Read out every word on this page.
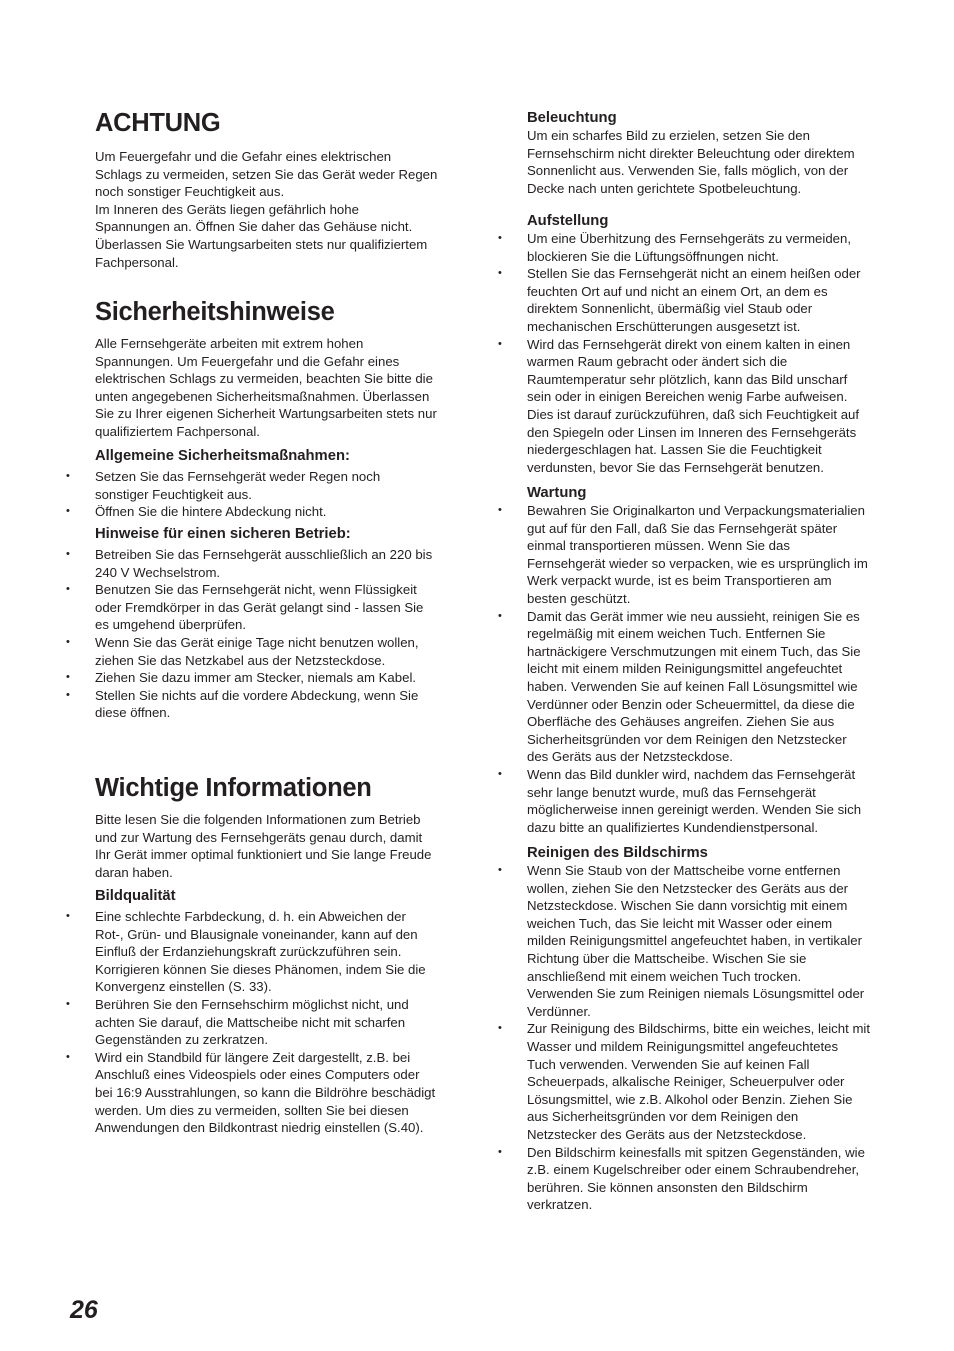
ACHTUNG

Um Feuergefahr und die Gefahr eines elektrischen
Schlags zu vermeiden, setzen Sie das Gerät weder Regen
noch sonstiger Feuchtigkeit aus.
Im Inneren des Geräts liegen gefährlich hohe
Spannungen an. Öffnen Sie daher das Gehäuse nicht.
Überlassen Sie Wartungsarbeiten stets nur qualifiziertem
Fachpersonal.

Sicherheitshinweise

Alle Fernsehgeräte arbeiten mit extrem hohen
Spannungen. Um Feuergefahr und die Gefahr eines
elektrischen Schlags zu vermeiden, beachten Sie bitte die
unten angegebenen Sicherheitsmaßnahmen. Überlassen
Sie zu Ihrer eigenen Sicherheit Wartungsarbeiten stets nur
qualifiziertem Fachpersonal.

Allgemeine Sicherheitsmaßnahmen:
• Setzen Sie das Fernsehgerät weder Regen noch
sonstiger Feuchtigkeit aus.
• Öffnen Sie die hintere Abdeckung nicht.
Hinweise für einen sicheren Betrieb:
• Betreiben Sie das Fernsehgerät ausschließlich an 220 bis
240 V Wechselstrom.
• Benutzen Sie das Fernsehgerät nicht, wenn Flüssigkeit
oder Fremdkörper in das Gerät gelangt sind - lassen Sie
es umgehend überprüfen.
• Wenn Sie das Gerät einige Tage nicht benutzen wollen,
ziehen Sie das Netzkabel aus der Netzsteckdose.
• Ziehen Sie dazu immer am Stecker, niemals am Kabel.
• Stellen Sie nichts auf die vordere Abdeckung, wenn Sie
diese öffnen.
Wichtige Informationen

Bitte lesen Sie die folgenden Informationen zum Betrieb
und zur Wartung des Fernsehgeräts genau durch, damit
Ihr Gerät immer optimal funktioniert und Sie lange Freude
daran haben.

Bildqualität
• Eine schlechte Farbdeckung, d. h. ein Abweichen der
Rot-, Grün- und Blausignale voneinander, kann auf den
Einfluß der Erdanziehungskraft zurückzuführen sein.
Korrigieren können Sie dieses Phänomen, indem Sie die
Konvergenz einstellen (S. 33).
• Berühren Sie den Fernsehschirm möglichst nicht, und
achten Sie darauf, die Mattscheibe nicht mit scharfen
Gegenständen zu zerkratzen.
• Wird ein Standbild für längere Zeit dargestellt, z.B. bei
Anschluß eines Videospiels oder eines Computers oder
bei 16:9 Ausstrahlungen, so kann die Bildröhre beschädigt
werden. Um dies zu vermeiden, sollten Sie bei diesen
Anwendungen den Bildkontrast niedrig einstellen (S.40).
Beleuchtung

Um ein scharfes Bild zu erzielen, setzen Sie den
Fernsehschirm nicht direkter Beleuchtung oder direktem
Sonnenlicht aus. Verwenden Sie, falls möglich, von der
Decke nach unten gerichtete Spotbeleuchtung.

Aufstellung
• Um eine Überhitzung des Fernsehgeräts zu vermeiden,
blockieren Sie die Lüftungsöffnungen nicht.
• Stellen Sie das Fernsehgerät nicht an einem heißen oder
feuchten Ort auf und nicht an einem Ort, an dem es
direktem Sonnenlicht, übermäßig viel Staub oder
mechanischen Erschütterungen ausgesetzt ist.
• Wird das Fernsehgerät direkt von einem kalten in einen
warmen Raum gebracht oder ändert sich die
Raumtemperatur sehr plötzlich, kann das Bild unscharf
sein oder in einigen Bereichen wenig Farbe aufweisen.
Dies ist darauf zurückzuführen, daß sich Feuchtigkeit auf
den Spiegeln oder Linsen im Inneren des Fernsehgeräts
niedergeschlagen hat. Lassen Sie die Feuchtigkeit
verdunsten, bevor Sie das Fernsehgerät benutzen.
Wartung
• Bewahren Sie Originalkarton und Verpackungsmaterialien
gut auf für den Fall, daß Sie das Fernsehgerät später
einmal transportieren müssen. Wenn Sie das
Fernsehgerät wieder so verpacken, wie es ursprünglich im
Werk verpackt wurde, ist es beim Transportieren am
besten geschützt.
• Damit das Gerät immer wie neu aussieht, reinigen Sie es
regelmäßig mit einem weichen Tuch. Entfernen Sie
hartnäckigere Verschmutzungen mit einem Tuch, das Sie
leicht mit einem milden Reinigungsmittel angefeuchtet
haben. Verwenden Sie auf keinen Fall Lösungsmittel wie
Verdünner oder Benzin oder Scheuermittel, da diese die
Oberfläche des Gehäuses angreifen. Ziehen Sie aus
Sicherheitsgründen vor dem Reinigen den Netzstecker
des Geräts aus der Netzsteckdose.
• Wenn das Bild dunkler wird, nachdem das Fernsehgerät
sehr lange benutzt wurde, muß das Fernsehgerät
möglicherweise innen gereinigt werden. Wenden Sie sich
dazu bitte an qualifiziertes Kundendienstpersonal.
Reinigen des Bildschirms
• Wenn Sie Staub von der Mattscheibe vorne entfernen
wollen, ziehen Sie den Netzstecker des Geräts aus der
Netzsteckdose. Wischen Sie dann vorsichtig mit einem
weichen Tuch, das Sie leicht mit Wasser oder einem
milden Reinigungsmittel angefeuchtet haben, in vertikaler
Richtung über die Mattscheibe. Wischen Sie sie
anschließend mit einem weichen Tuch trocken.
Verwenden Sie zum Reinigen niemals Lösungsmittel oder
Verdünner.
• Zur Reinigung des Bildschirms, bitte ein weiches, leicht mit
Wasser und mildem Reinigungsmittel angefeuchtetes
Tuch verwenden. Verwenden Sie auf keinen Fall
Scheuerpads, alkalische Reiniger, Scheuerpulver oder
Lösungsmittel, wie z.B. Alkohol oder Benzin. Ziehen Sie
aus Sicherheitsgründen vor dem Reinigen den
Netzstecker des Geräts aus der Netzsteckdose.
• Den Bildschirm keinesfalls mit spitzen Gegenständen, wie
z.B. einem Kugelschreiber oder einem Schraubendreher,
berühren. Sie können ansonsten den Bildschirm
verkratzen.
26
